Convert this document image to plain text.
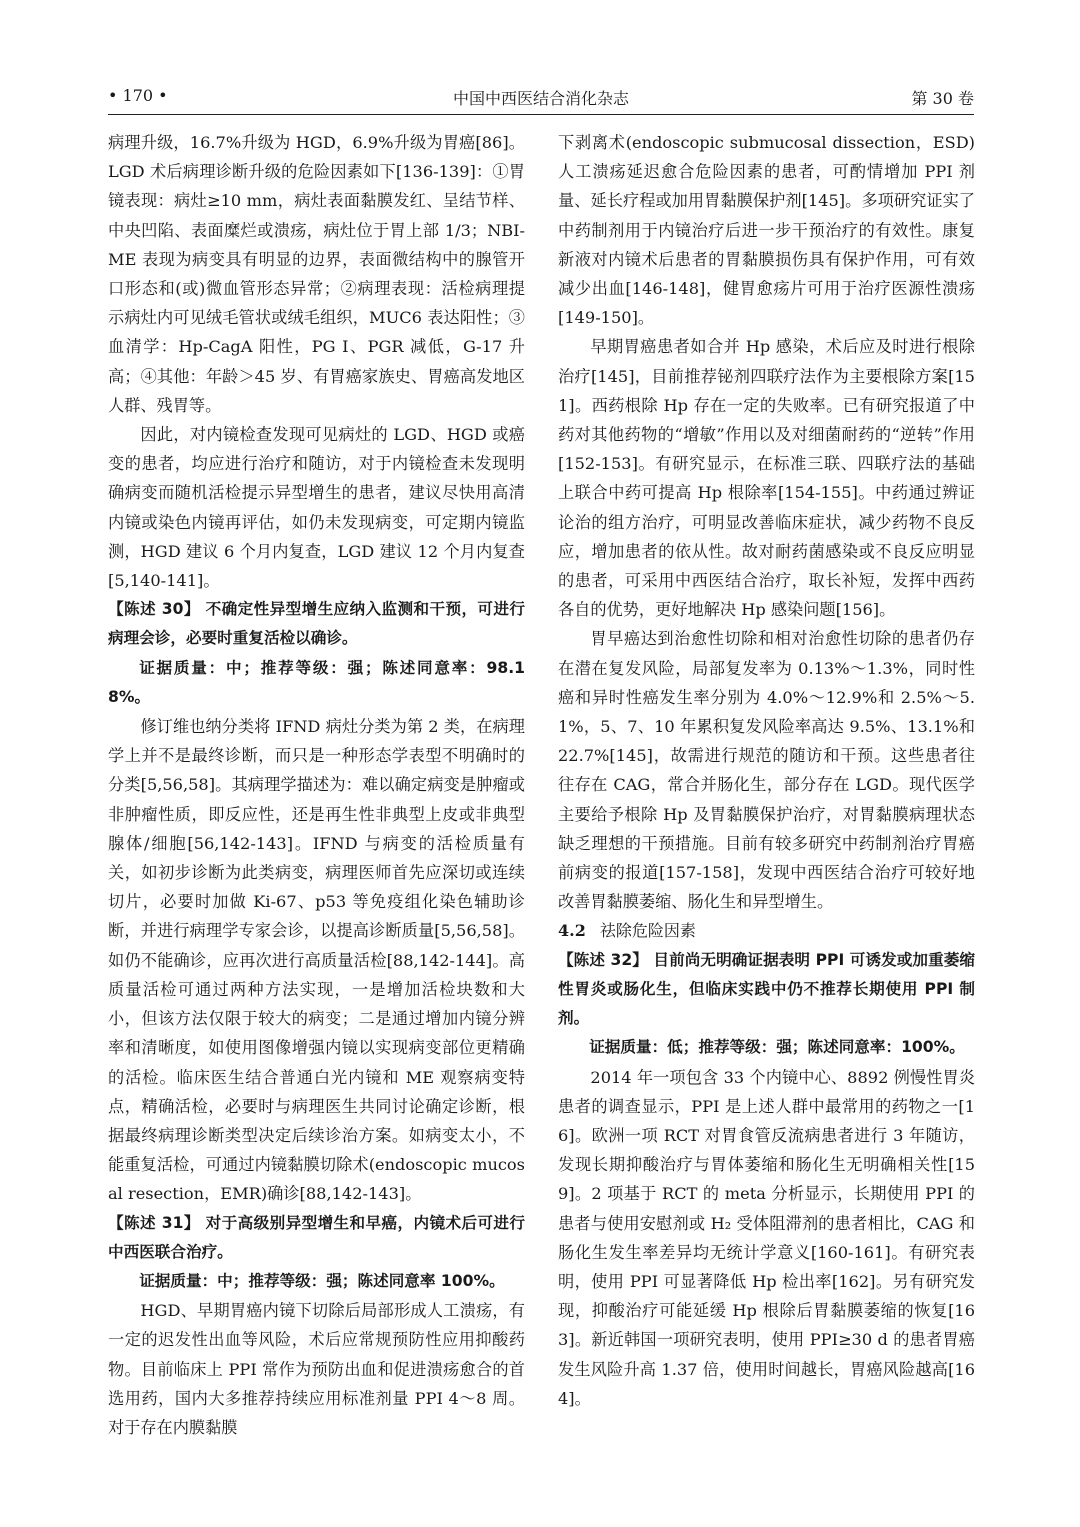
• 170 •	中国中西医结合消化杂志	第 30 卷

病理升级，16.7%升级为 HGD，6.9%升级为胃癌[86]。LGD 术后病理诊断升级的危险因素如下[136-139]：①胃镜表现：病灶≥10 mm，病灶表面黏膜发红、呈结节样、中央凹陷、表面糜烂或溃疡，病灶位于胃上部 1/3；NBI-ME 表现为病变具有明显的边界，表面微结构中的腺管开口形态和(或)微血管形态异常；②病理表现：活检病理提示病灶内可见绒毛管状或绒毛组织，MUC6 表达阳性；③血清学：Hp-CagA 阳性，PG Ⅰ、PGR 减低，G-17 升高；④其他：年龄＞45 岁、有胃癌家族史、胃癌高发地区人群、残胃等。

因此，对内镜检查发现可见病灶的 LGD、HGD 或癌变的患者，均应进行治疗和随访，对于内镜检查未发现明确病变而随机活检提示异型增生的患者，建议尽快用高清内镜或染色内镜再评估，如仍未发现病变，可定期内镜监测，HGD 建议 6 个月内复查，LGD 建议 12 个月内复查[5,140-141]。

【陈述 30】 不确定性异型增生应纳入监测和干预，可进行病理会诊，必要时重复活检以确诊。

证据质量：中；推荐等级：强；陈述同意率：98.18%。

修订维也纳分类将 IFND 病灶分类为第 2 类，在病理学上并不是最终诊断，而只是一种形态学表型不明确时的分类[5,56,58]。其病理学描述为：难以确定病变是肿瘤或非肿瘤性质，即反应性，还是再生性非典型上皮或非典型腺体/细胞[56,142-143]。IFND 与病变的活检质量有关，如初步诊断为此类病变，病理医师首先应深切或连续切片，必要时加做 Ki-67、p53 等免疫组化染色辅助诊断，并进行病理学专家会诊，以提高诊断质量[5,56,58]。如仍不能确诊，应再次进行高质量活检[88,142-144]。高质量活检可通过两种方法实现，一是增加活检块数和大小，但该方法仅限于较大的病变；二是通过增加内镜分辨率和清晰度，如使用图像增强内镜以实现病变部位更精确的活检。临床医生结合普通白光内镜和 ME 观察病变特点，精确活检，必要时与病理医生共同讨论确定诊断，根据最终病理诊断类型决定后续诊治方案。如病变太小，不能重复活检，可通过内镜黏膜切除术(endoscopic mucosal resection，EMR)确诊[88,142-143]。

【陈述 31】 对于高级别异型增生和早癌，内镜术后可进行中西医联合治疗。

证据质量：中；推荐等级：强；陈述同意率 100%。

HGD、早期胃癌内镜下切除后局部形成人工溃疡，有一定的迟发性出血等风险，术后应常规预防性应用抑酸药物。目前临床上 PPI 常作为预防出血和促进溃疡愈合的首选用药，国内大多推荐持续应用标准剂量 PPI 4～8 周。对于存在内膜黏膜

下剥离术(endoscopic submucosal dissection，ESD)人工溃疡延迟愈合危险因素的患者，可酌情增加 PPI 剂量、延长疗程或加用胃黏膜保护剂[145]。多项研究证实了中药制剂用于内镜治疗后进一步干预治疗的有效性。康复新液对内镜术后患者的胃黏膜损伤具有保护作用，可有效减少出血[146-148]，健胃愈疡片可用于治疗医源性溃疡[149-150]。

早期胃癌患者如合并 Hp 感染，术后应及时进行根除治疗[145]，目前推荐铋剂四联疗法作为主要根除方案[151]。西药根除 Hp 存在一定的失败率。已有研究报道了中药对其他药物的“增敏”作用以及对细菌耐药的“逆转”作用[152-153]。有研究显示，在标准三联、四联疗法的基础上联合中药可提高 Hp 根除率[154-155]。中药通过辨证论治的组方治疗，可明显改善临床症状，减少药物不良反应，增加患者的依从性。故对耐药菌感染或不良反应明显的患者，可采用中西医结合治疗，取长补短，发挥中西药各自的优势，更好地解决 Hp 感染问题[156]。

胃早癌达到治愈性切除和相对治愈性切除的患者仍存在潜在复发风险，局部复发率为 0.13%～1.3%，同时性癌和异时性癌发生率分别为 4.0%～12.9%和 2.5%～5.1%，5、7、10 年累积复发风险率高达 9.5%、13.1%和 22.7%[145]，故需进行规范的随访和干预。这些患者往往存在 CAG，常合并肠化生，部分存在 LGD。现代医学主要给予根除 Hp 及胃黏膜保护治疗，对胃黏膜病理状态缺乏理想的干预措施。目前有较多研究中药制剂治疗胃癌前病变的报道[157-158]，发现中西医结合治疗可较好地改善胃黏膜萎缩、肠化生和异型增生。

4.2 祛除危险因素

【陈述 32】 目前尚无明确证据表明 PPI 可诱发或加重萎缩性胃炎或肠化生，但临床实践中仍不推荐长期使用 PPI 制剂。

证据质量：低；推荐等级：强；陈述同意率：100%。

2014 年一项包含 33 个内镜中心、8892 例慢性胃炎患者的调查显示，PPI 是上述人群中最常用的药物之一[16]。欧洲一项 RCT 对胃食管反流病患者进行 3 年随访，发现长期抑酸治疗与胃体萎缩和肠化生无明确相关性[159]。2 项基于 RCT 的 meta 分析显示，长期使用 PPI 的患者与使用安慰剂或 H₂ 受体阻滞剂的患者相比，CAG 和肠化生发生率差异均无统计学意义[160-161]。有研究表明，使用 PPI 可显著降低 Hp 检出率[162]。另有研究发现，抑酸治疗可能延缓 Hp 根除后胃黏膜萎缩的恢复[163]。新近韩国一项研究表明，使用 PPI≥30 d 的患者胃癌发生风险升高 1.37 倍，使用时间越长，胃癌风险越高[164]。
